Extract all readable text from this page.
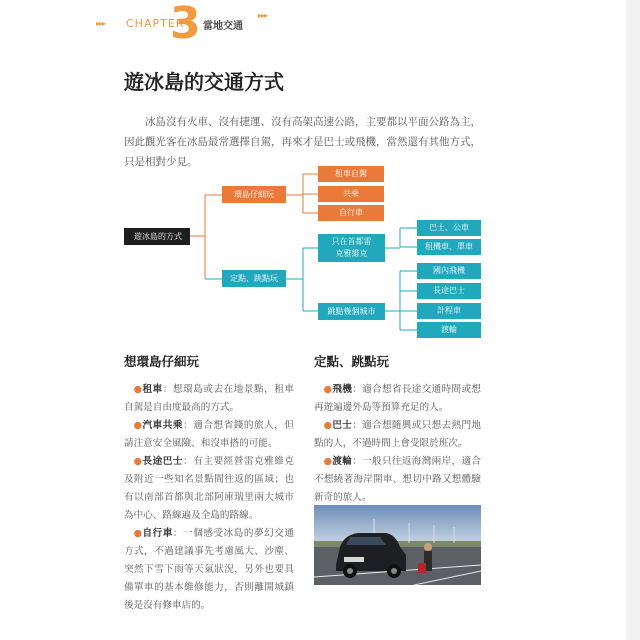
▸▸▸ CHAPTER
3 當地交通
▸▸▸
遊冰島的交通方式
冰島沒有火車、沒有捷運、沒有高架高速公路，主要都以平面公路為主，因此觀光客在冰島最常選擇自駕，再來才是巴士或飛機，當然還有其他方式，只是相對少見。
遊冰島的方式
環島仔細玩
租車自駕
共乘
自行車
定點、跳點玩
只在首都雷克雅維克
巴士、公車
租機車、單車
跳點幾個城市
國內飛機
長途巴士
計程車
渡輪
想環島仔細玩
●租車：想環島或去在地景點，租車自駕是自由度最高的方式。
●汽車共乘：適合想省錢的旅人，但請注意安全風險、和沒車搭的可能。
●長途巴士：有主要經營雷克雅維克及附近一些知名景點間往返的區域；也有以南部首都與北部阿庫瑞里兩大城市為中心、路線遍及全島的路線。
●自行車：一個感受冰島的夢幻交通方式，不過建議事先考慮風大、沙塵、突然下雪下雨等天氣狀況，另外也要具備單車的基本維修能力，否則離開城鎮後是沒有修車店的。
定點、跳點玩
●飛機：適合想省長途交通時間或想再遊遍邊外島等預算充足的人。
●巴士：適合想隨興或只想去熱門地點的人，不過時間上會受限於班次。
●渡輪：一般只往返海灣兩岸，適合不想繞著海岸開車、想切中路又想體驗新奇的旅人。
